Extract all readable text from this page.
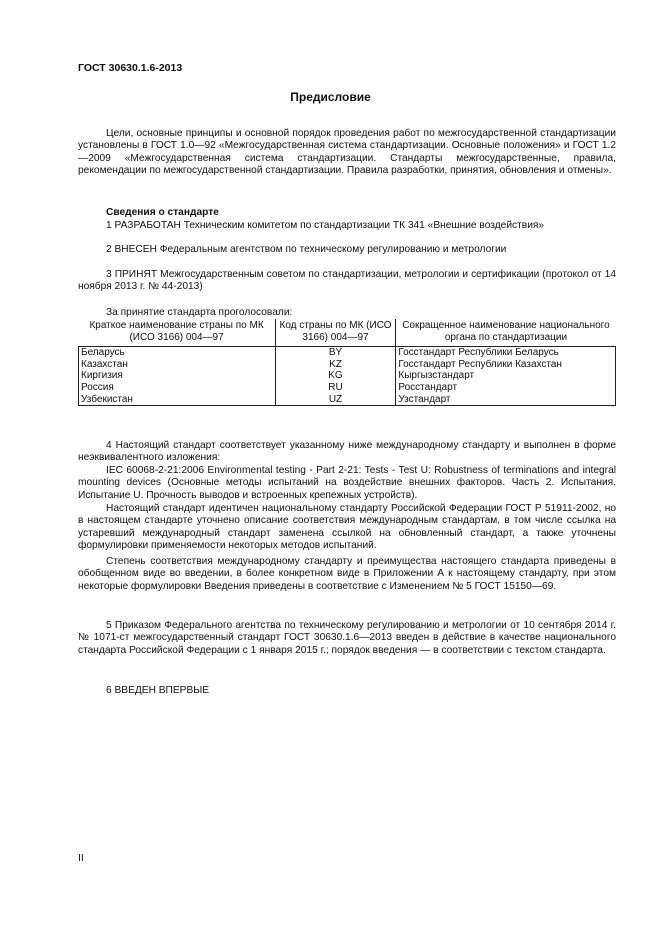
ГОСТ 30630.1.6-2013
Предисловие

Цели, основные принципы и основной порядок проведения работ по межгосударственной стандартизации установлены в ГОСТ 1.0—92 «Межгосударственная система стандартизации. Основные положения» и ГОСТ 1.2—2009 «Межгосударственная система стандартизации. Стандарты межгосударственные, правила, рекомендации по межгосударственной стандартизации. Правила разработки, принятия, обновления и отмены».

Сведения о стандарте

1 РАЗРАБОТАН Техническим комитетом по стандартизации ТК 341 «Внешние воздействия»

2 ВНЕСЕН Федеральным агентством по техническому регулированию и метрологии

3 ПРИНЯТ Межгосударственным советом по стандартизации, метрологии и сертификации (протокол от 14 ноября 2013 г. № 44-2013)

За принятие стандарта проголосовали:

Краткое наименование страны по МК (ИСО 3166) 004—97	Код страны по МК (ИСО 3166) 004—97	Сокращенное наименование национального органа по стандартизации
Беларусь	BY	Госстандарт Республики Беларусь
Казахстан	KZ	Госстандарт Республики Казахстан
Киргизия	KG	Кыргызстандарт
Россия	RU	Росстандарт
Узбекистан	UZ	Узстандарт

4 Настоящий стандарт соответствует указанному ниже международному стандарту и выполнен в форме неэквивалентного изложения:

IEC 60068-2-21:2006 Environmental testing - Part 2-21: Tests - Test U: Robustness of terminations and integral mounting devices (Основные методы испытаний на воздействие внешних факторов. Часть 2. Испытания. Испытание U. Прочность выводов и встроенных крепежных устройств).

Настоящий стандарт идентичен национальному стандарту Российской Федерации ГОСТ Р 51911-2002, но в настоящем стандарте уточнено описание соответствия международным стандартам, в том числе ссылка на устаревший международный стандарт заменена ссылкой на обновленный стандарт, а также уточнены формулировки применяемости некоторых методов испытаний.

Степень соответствия международному стандарту и преимущества настоящего стандарта приведены в обобщенном виде во введении, в более конкретном виде в Приложении А к настоящему стандарту, при этом некоторые формулировки Введения приведены в соответствие с Изменением № 5 ГОСТ 15150—69.

5 Приказом Федерального агентства по техническому регулированию и метрологии от 10 сентября 2014 г. № 1071-ст межгосударственный стандарт ГОСТ 30630.1.6—2013 введен в действие в качестве национального стандарта Российской Федерации с 1 января 2015 г.; порядок введения — в соответствии с текстом стандарта.

6 ВВЕДЕН ВПЕРВЫЕ

II
